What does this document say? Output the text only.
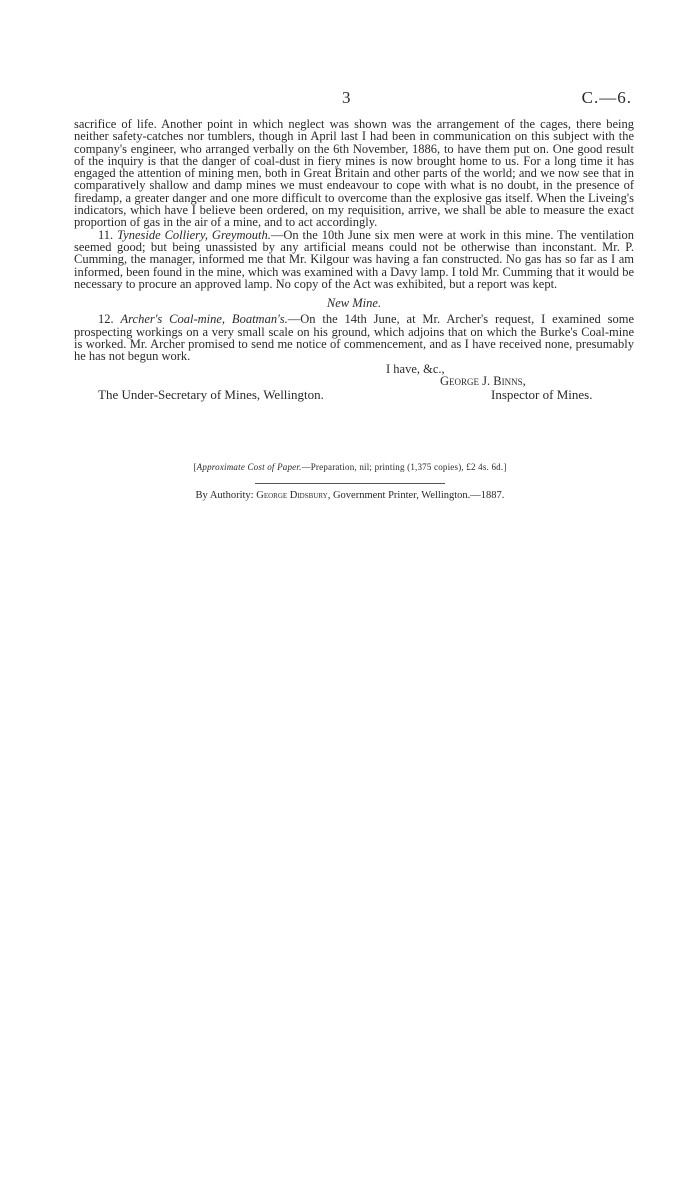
3	C.—6.

sacrifice of life. Another point in which neglect was shown was the arrangement of the cages, there being neither safety-catches nor tumblers, though in April last I had been in communication on this subject with the company's engineer, who arranged verbally on the 6th November, 1886, to have them put on. One good result of the inquiry is that the danger of coal-dust in fiery mines is now brought home to us. For a long time it has engaged the attention of mining men, both in Great Britain and other parts of the world; and we now see that in comparatively shallow and damp mines we must endeavour to cope with what is no doubt, in the presence of firedamp, a greater danger and one more difficult to overcome than the explosive gas itself. When the Liveing's indicators, which have I believe been ordered, on my requisition, arrive, we shall be able to measure the exact proportion of gas in the air of a mine, and to act accordingly.

11. Tyneside Colliery, Greymouth.—On the 10th June six men were at work in this mine. The ventilation seemed good; but being unassisted by any artificial means could not be otherwise than inconstant. Mr. P. Cumming, the manager, informed me that Mr. Kilgour was having a fan constructed. No gas has so far as I am informed, been found in the mine, which was examined with a Davy lamp. I told Mr. Cumming that it would be necessary to procure an approved lamp. No copy of the Act was exhibited, but a report was kept.

New Mine.

12. Archer's Coal-mine, Boatman's.—On the 14th June, at Mr. Archer's request, I examined some prospecting workings on a very small scale on his ground, which adjoins that on which the Burke's Coal-mine is worked. Mr. Archer promised to send me notice of commencement, and as I have received none, presumably he has not begun work.

I have, &c.,
George J. Binns,
The Under-Secretary of Mines, Wellington.	Inspector of Mines.
[Approximate Cost of Paper.—Preparation, nil; printing (1,375 copies), £2 4s. 6d.]
By Authority: George Didsbury, Government Printer, Wellington.—1887.
